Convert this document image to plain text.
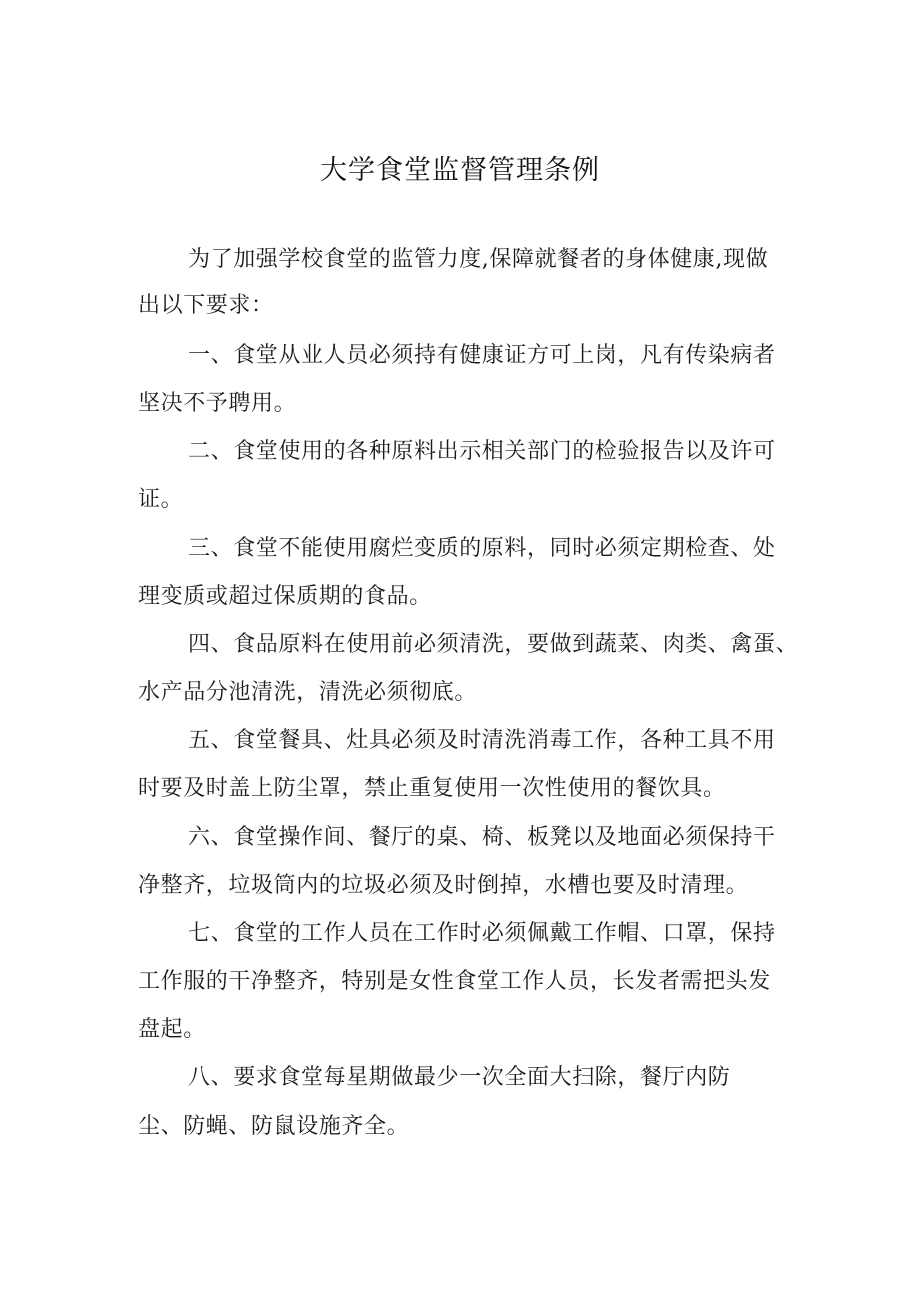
大学食堂监督管理条例
为了加强学校食堂的监管力度,保障就餐者的身体健康,现做
出以下要求：
一、食堂从业人员必须持有健康证方可上岗，凡有传染病者
坚决不予聘用。
二、食堂使用的各种原料出示相关部门的检验报告以及许可
证。
三、食堂不能使用腐烂变质的原料，同时必须定期检查、处
理变质或超过保质期的食品。
四、食品原料在使用前必须清洗，要做到蔬菜、肉类、禽蛋、
水产品分池清洗，清洗必须彻底。
五、食堂餐具、灶具必须及时清洗消毒工作，各种工具不用
时要及时盖上防尘罩，禁止重复使用一次性使用的餐饮具。
六、食堂操作间、餐厅的桌、椅、板凳以及地面必须保持干
净整齐，垃圾筒内的垃圾必须及时倒掉，水槽也要及时清理。
七、食堂的工作人员在工作时必须佩戴工作帽、口罩，保持
工作服的干净整齐，特别是女性食堂工作人员，长发者需把头发
盘起。
八、要求食堂每星期做最少一次全面大扫除，餐厅内防
尘、防蝇、防鼠设施齐全。
